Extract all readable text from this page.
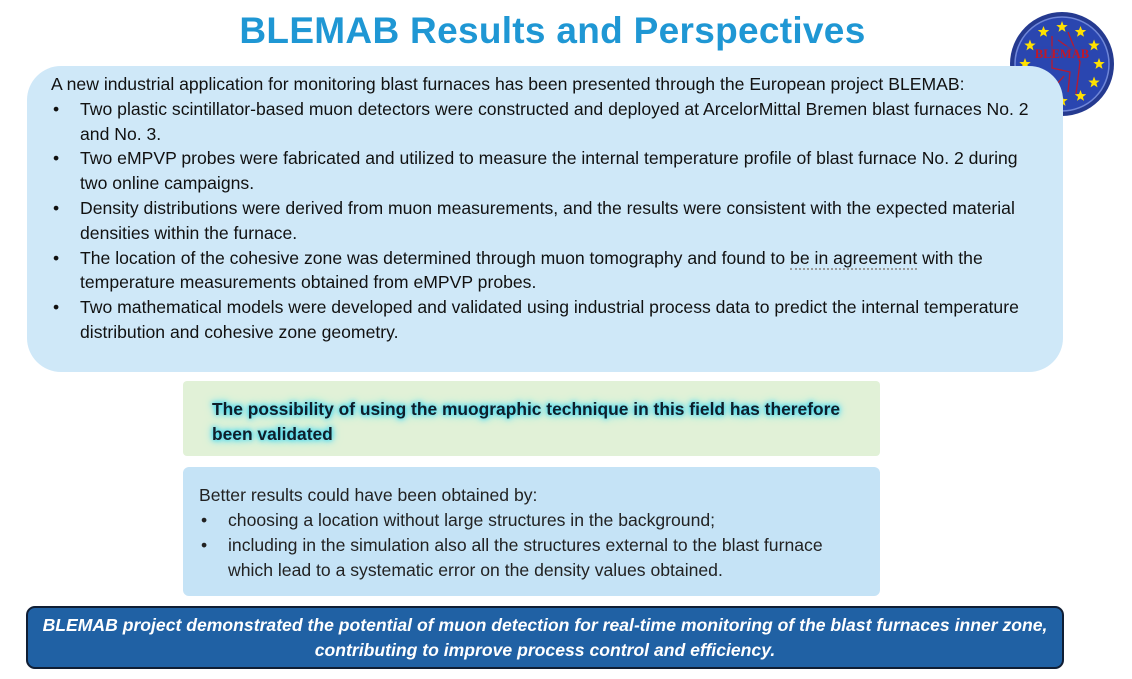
BLEMAB Results and Perspectives
BLEMAB

A new industrial application for monitoring blast furnaces has been presented through the European project BLEMAB:

• Two plastic scintillator-based muon detectors were constructed and deployed at ArcelorMittal Bremen blast furnaces No. 2 and No. 3.
• Two eMPVP probes were fabricated and utilized to measure the internal temperature profile of blast furnace No. 2 during two online campaigns.
• Density distributions were derived from muon measurements, and the results were consistent with the expected material densities within the furnace.
• The location of the cohesive zone was determined through muon tomography and found to be in agreement with the temperature measurements obtained from eMPVP probes.
• Two mathematical models were developed and validated using industrial process data to predict the internal temperature distribution and cohesive zone geometry.
The possibility of using the muographic technique in this field has therefore been validated
Better results could have been obtained by:
• choosing a location without large structures in the background;
• including in the simulation also all the structures external to the blast furnace which lead to a systematic error on the density values obtained.
BLEMAB project demonstrated the potential of muon detection for real-time monitoring of the blast furnaces inner zone, contributing to improve process control and efficiency.
